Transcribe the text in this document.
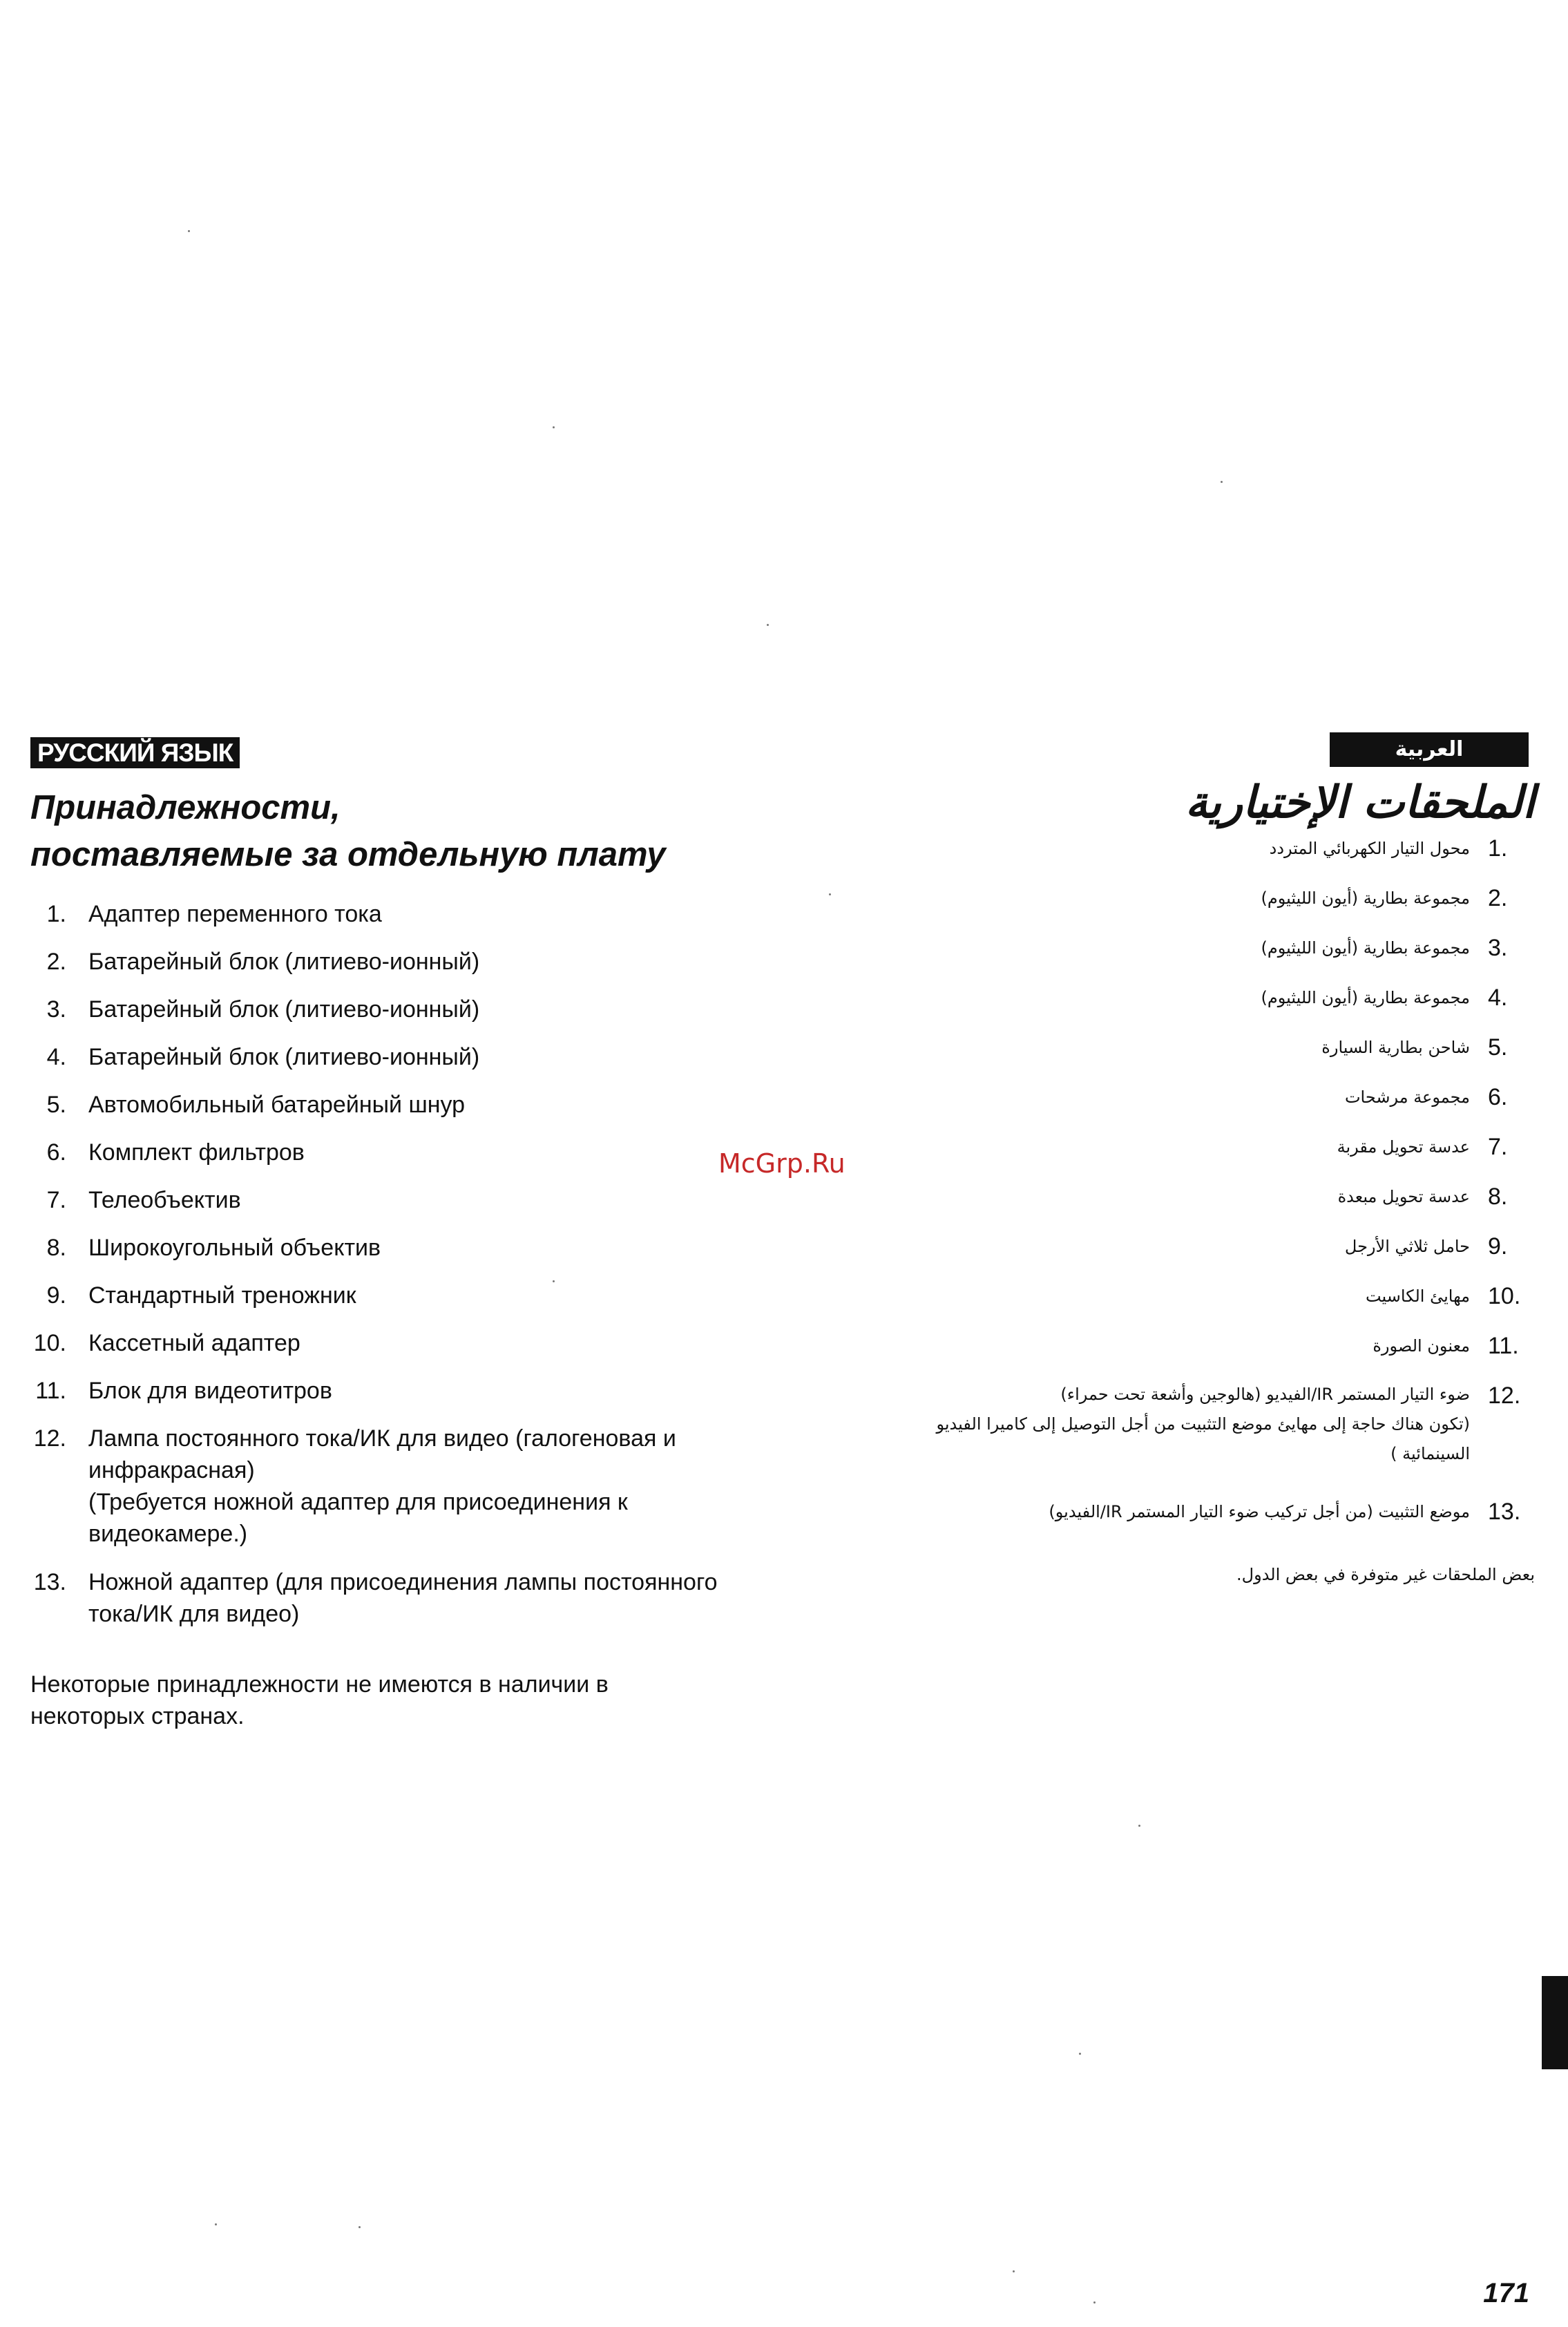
РУССКИЙ ЯЗЫК
Принадлежности,
поставляемые за отдельную плату
1. Адаптер переменного тока
2. Батарейный блок (литиево-ионный)
3. Батарейный блок (литиево-ионный)
4. Батарейный блок (литиево-ионный)
5. Автомобильный батарейный шнур
6. Комплект фильтров
7. Телеобъектив
8. Широкоугольный объектив
9. Стандартный треножник
10. Кассетный адаптер
11. Блок для видеотитров
12. Лампа постоянного тока/ИК для видео (галогеновая и
инфракрасная)
(Требуется ножной адаптер для присоединения к
видеокамере.)
13. Ножной адаптер (для присоединения лампы постоянного
тока/ИК для видео)

Некоторые принадлежности не имеются в наличии в
некоторых странах.

العربية
الملحقات الإختيارية
1.
محول التيار الكهربائي المتردد
2.
مجموعة بطارية (أيون الليثيوم)
3.
مجموعة بطارية (أيون الليثيوم)
4.
مجموعة بطارية (أيون الليثيوم)
5.
شاحن بطارية السيارة
6.
مجموعة مرشحات
7.
عدسة تحويل مقربة
8.
عدسة تحويل مبعدة
9.
حامل ثلاثي الأرجل
10.
مهايئ الكاسيت
11.
معنون الصورة
12.
ضوء التيار المستمر IR/الفيديو (هالوجين وأشعة تحت حمراء)
(تكون هناك حاجة إلى مهايئ موضع التثبيت من أجل التوصيل إلى كاميرا الفيديو
السينمائية )
13.
موضع التثبيت (من أجل تركيب ضوء التيار المستمر IR/الفيديو)

بعض الملحقات غير متوفرة في بعض الدول.

McGrp.Ru
171
